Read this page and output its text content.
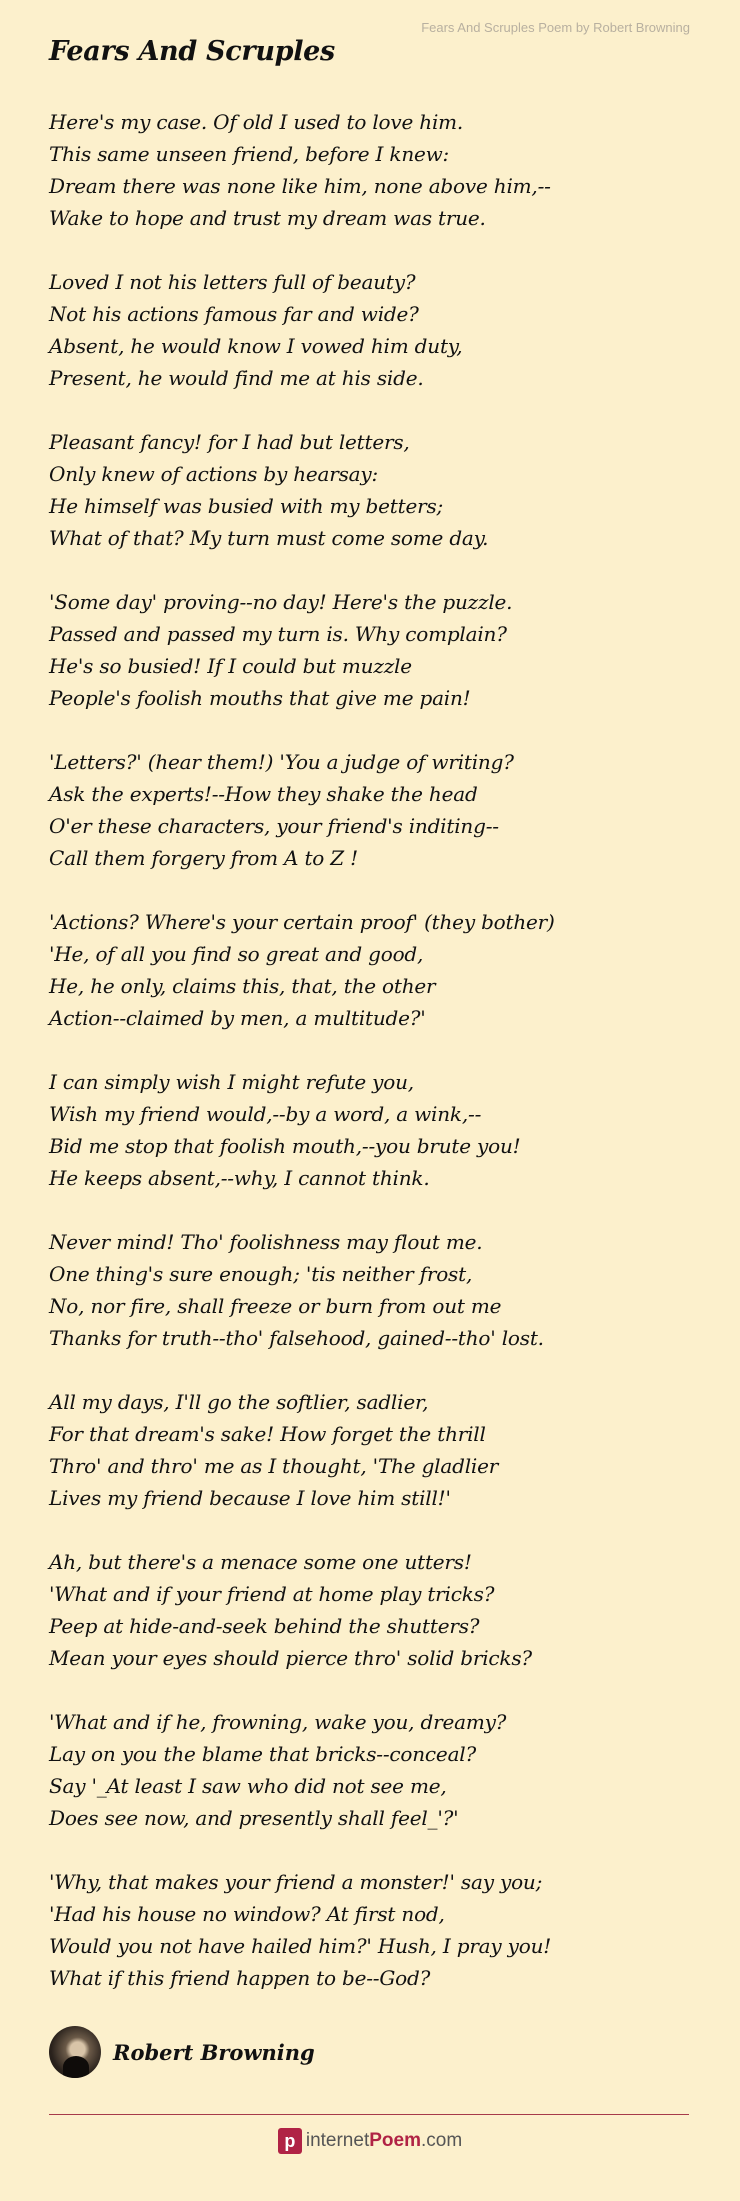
Fears And Scruples Poem by Robert Browning
Fears And Scruples
Here's my case. Of old I used to love him.
This same unseen friend, before I knew:
Dream there was none like him, none above him,--
Wake to hope and trust my dream was true.
Loved I not his letters full of beauty?
Not his actions famous far and wide?
Absent, he would know I vowed him duty,
Present, he would find me at his side.
Pleasant fancy! for I had but letters,
Only knew of actions by hearsay:
He himself was busied with my betters;
What of that? My turn must come some day.
'Some day' proving--no day! Here's the puzzle.
Passed and passed my turn is. Why complain?
He's so busied! If I could but muzzle
People's foolish mouths that give me pain!
'Letters?' (hear them!) 'You a judge of writing?
Ask the experts!--How they shake the head
O'er these characters, your friend's inditing--
Call them forgery from A to Z !
'Actions? Where's your certain proof' (they bother)
'He, of all you find so great and good,
He, he only, claims this, that, the other
Action--claimed by men, a multitude?'
I can simply wish I might refute you,
Wish my friend would,--by a word, a wink,--
Bid me stop that foolish mouth,--you brute you!
He keeps absent,--why, I cannot think.
Never mind! Tho' foolishness may flout me.
One thing's sure enough; 'tis neither frost,
No, nor fire, shall freeze or burn from out me
Thanks for truth--tho' falsehood, gained--tho' lost.
All my days, I'll go the softlier, sadlier,
For that dream's sake! How forget the thrill
Thro' and thro' me as I thought, 'The gladlier
Lives my friend because I love him still!'
Ah, but there's a menace some one utters!
'What and if your friend at home play tricks?
Peep at hide-and-seek behind the shutters?
Mean your eyes should pierce thro' solid bricks?
'What and if he, frowning, wake you, dreamy?
Lay on you the blame that bricks--conceal?
Say '_At least I saw who did not see me,
Does see now, and presently shall feel_'?'
'Why, that makes your friend a monster!' say you;
'Had his house no window? At first nod,
Would you not have hailed him?' Hush, I pray you!
What if this friend happen to be--God?
Robert Browning
p internet Poem .com
